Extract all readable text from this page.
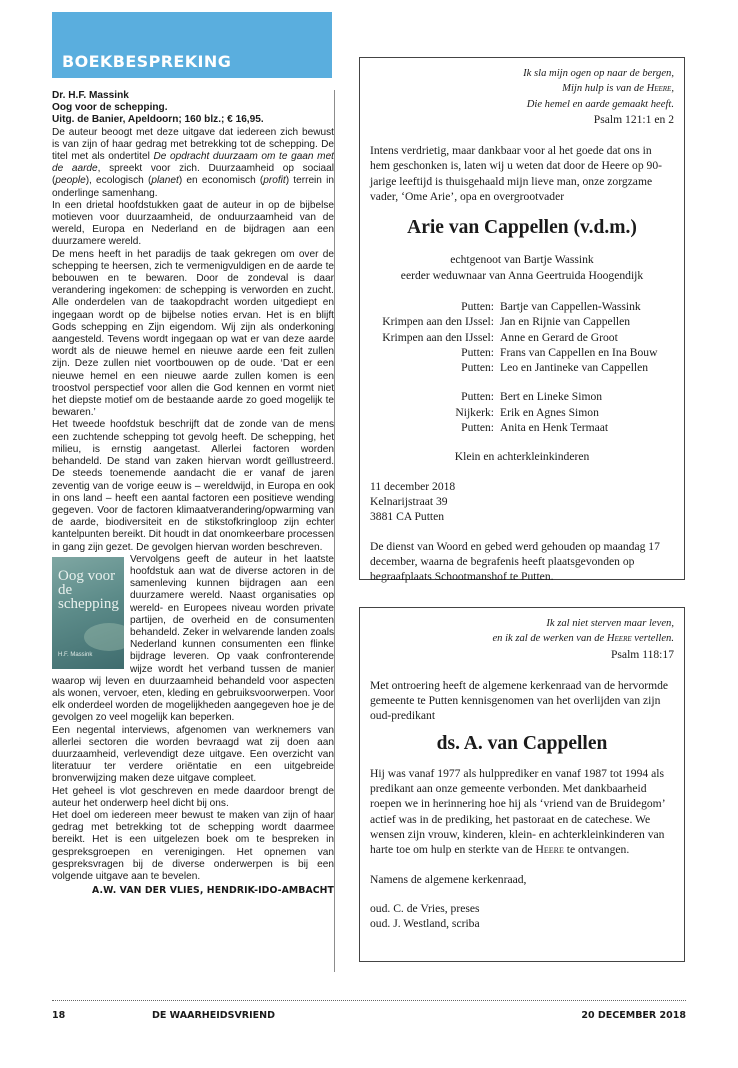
BOEKBESPREKING

Dr. H.F. Massink

Oog voor de schepping.

Uitg. de Banier, Apeldoorn; 160 blz.; € 16,95.

De auteur beoogt met deze uitgave dat iedereen zich bewust is van zijn of haar gedrag met betrekking tot de schepping. De titel met als ondertitel De opdracht duurzaam om te gaan met de aarde, spreekt voor zich. Duurzaamheid op sociaal (people), ecologisch (planet) en economisch (profit) terrein in onderlinge samenhang.

In een drietal hoofdstukken gaat de auteur in op de bijbelse motieven voor duurzaamheid, de onduurzaamheid van de wereld, Europa en Nederland en de bijdragen aan een duurzamere wereld.

De mens heeft in het paradijs de taak gekregen om over de schepping te heersen, zich te vermenigvuldigen en de aarde te bebouwen en te bewaren. Door de zondeval is daar verandering ingekomen: de schepping is verworden en zucht. Alle onderdelen van de taakopdracht worden uitgediept en ingegaan wordt op de bijbelse noties ervan. Het is en blijft Gods schepping en Zijn eigendom. Wij zijn als onderkoning aangesteld. Tevens wordt ingegaan op wat er van deze aarde wordt als de nieuwe hemel en nieuwe aarde een feit zullen zijn. Deze zullen niet voortbouwen op de oude. ‘Dat er een nieuwe hemel en een nieuwe aarde zullen komen is een troostvol perspectief voor allen die God kennen en vormt niet het diepste motief om de bestaande aarde zo goed mogelijk te bewaren.’

Het tweede hoofdstuk beschrijft dat de zonde van de mens een zuchtende schepping tot gevolg heeft. De schepping, het milieu, is ernstig aangetast. Allerlei factoren worden behandeld. De stand van zaken hiervan wordt geïllustreerd. De steeds toenemende aandacht die er vanaf de jaren zeventig van de vorige eeuw is – wereldwijd, in Europa en ook in ons land – heeft een aantal factoren een positieve wending gegeven. Voor de factoren klimaatverandering/opwarming van de aarde, biodiversiteit en de stikstofkringloop zijn echter kantelpunten bereikt. Dit houdt in dat onomkeerbare processen in gang zijn gezet. De gevolgen hiervan worden beschreven.

Oog voor de schepping
H.F. Massink

Vervolgens geeft de auteur in het laatste hoofdstuk aan wat de diverse actoren in de samenleving kunnen bijdragen aan een duurzamere wereld. Naast organisaties op wereld- en Europees niveau worden private partijen, de overheid en de consumenten behandeld. Zeker in welvarende landen zoals Nederland kunnen consumenten een flinke bijdrage leveren. Op vaak confronterende wijze wordt het verband tussen de manier waarop wij leven en duurzaamheid behandeld voor aspecten als wonen, vervoer, eten, kleding en gebruiksvoorwerpen. Voor elk onderdeel worden de mogelijkheden aangegeven hoe je de gevolgen zo veel mogelijk kan beperken.

Een negental interviews, afgenomen van werknemers van allerlei sectoren die worden bevraagd wat zij doen aan duurzaamheid, verlevendigt deze uitgave. Een overzicht van literatuur ter verdere oriëntatie en een uitgebreide bronverwijzing maken deze uitgave compleet.

Het geheel is vlot geschreven en mede daardoor brengt de auteur het onderwerp heel dicht bij ons.

Het doel om iedereen meer bewust te maken van zijn of haar gedrag met betrekking tot de schepping wordt daarmee bereikt. Het is een uitgelezen boek om te bespreken in gespreksgroepen en verenigingen. Het opnemen van gespreksvragen bij de diverse onderwerpen is bij een volgende uitgave aan te bevelen.

A.W. VAN DER VLIES, HENDRIK-IDO-AMBACHT
Ik sla mijn ogen op naar de bergen,
Mijn hulp is van de Heere,
Die hemel en aarde gemaakt heeft.
Psalm 121:1 en 2

Intens verdrietig, maar dankbaar voor al het goede dat ons in hem geschonken is, laten wij u weten dat door de Heere op 90-jarige leeftijd is thuisgehaald mijn lieve man, onze zorgzame vader, ‘Ome Arie’, opa en overgrootvader

Arie van Cappellen (v.d.m.)
echtgenoot van Bartje Wassink
eerder weduwnaar van Anna Geertruida Hoogendijk
Putten: Bartje van Cappellen-Wassink
Krimpen aan den IJssel: Jan en Rijnie van Cappellen
Krimpen aan den IJssel: Anne en Gerard de Groot
Putten: Frans van Cappellen en Ina Bouw
Putten: Leo en Jantineke van Cappellen
Putten: Bert en Lineke Simon
Nijkerk: Erik en Agnes Simon
Putten: Anita en Henk Termaat
Klein en achterkleinkinderen
11 december 2018
Kelnarijstraat 39
3881 CA Putten

De dienst van Woord en gebed werd gehouden op maandag 17 december, waarna de begrafenis heeft plaatsgevonden op begraafplaats Schootmanshof te Putten.

Ik zal niet sterven maar leven,
en ik zal de werken van de Heere vertellen.
Psalm 118:17

Met ontroering heeft de algemene kerkenraad van de hervormde gemeente te Putten kennisgenomen van het overlijden van zijn oud-predikant

ds. A. van Cappellen

Hij was vanaf 1977 als hulpprediker en vanaf 1987 tot 1994 als predikant aan onze gemeente verbonden. Met dankbaarheid roepen we in herinnering hoe hij als ‘vriend van de Bruidegom’ actief was in de prediking, het pastoraat en de catechese. We wensen zijn vrouw, kinderen, klein- en achterkleinkinderen van harte toe om hulp en sterkte van de Heere te ontvangen.

Namens de algemene kerkenraad,
oud. C. de Vries, preses
oud. J. Westland, scriba
18	DE WAARHEIDSVRIEND	20 DECEMBER 2018
